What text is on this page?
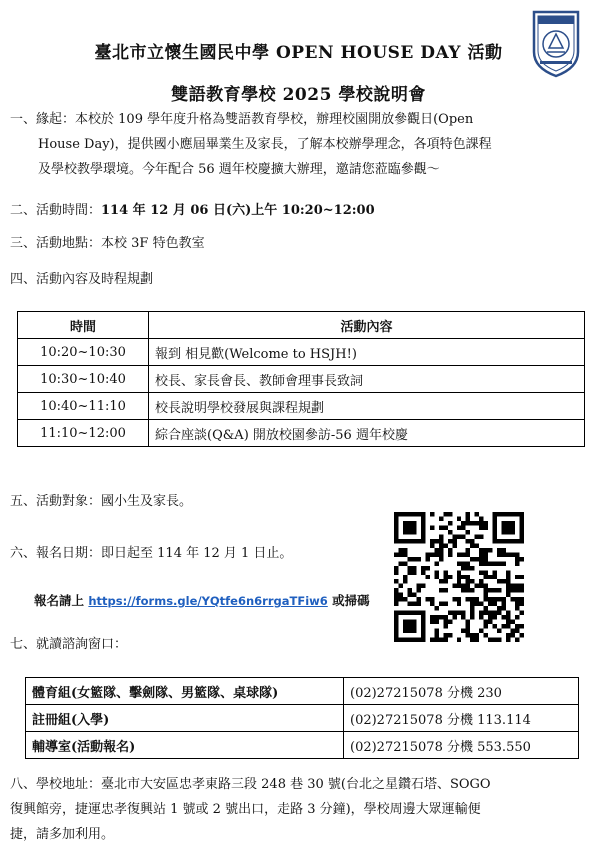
臺北市立懷生國民中學 OPEN HOUSE DAY 活動
雙語教育學校 2025 學校說明會
一、緣起：本校於 109 學年度升格為雙語教育學校，辦理校園開放參觀日(Open
House Day)，提供國小應屆畢業生及家長，了解本校辦學理念，各項特色課程
及學校教學環境。今年配合 56 週年校慶擴大辦理，邀請您蒞臨參觀～
二、活動時間：114 年 12 月 06 日(六)上午 10:20~12:00
三、活動地點：本校 3F 特色教室
四、活動內容及時程規劃
時間	活動內容
10:20~10:30	報到 相見歡(Welcome to HSJH!)
10:30~10:40	校長、家長會長、教師會理事長致詞
10:40~11:10	校長說明學校發展與課程規劃
11:10~12:00	綜合座談(Q&A) 開放校園參訪-56 週年校慶
五、活動對象：國小生及家長。
六、報名日期：即日起至 114 年 12 月 1 日止。
報名請上 https://forms.gle/YQtfe6n6rrgaTFiw6 或掃碼
七、就讀諮詢窗口：
體育組(女籃隊、擊劍隊、男籃隊、桌球隊)	(02)27215078 分機 230
註冊組(入學)	(02)27215078 分機 113.114
輔導室(活動報名)	(02)27215078 分機 553.550
八、學校地址：臺北市大安區忠孝東路三段 248 巷 30 號(台北之星鑽石塔、SOGO
復興館旁，捷運忠孝復興站 1 號或 2 號出口，走路 3 分鐘)，學校周邊大眾運輸便
捷，請多加利用。
